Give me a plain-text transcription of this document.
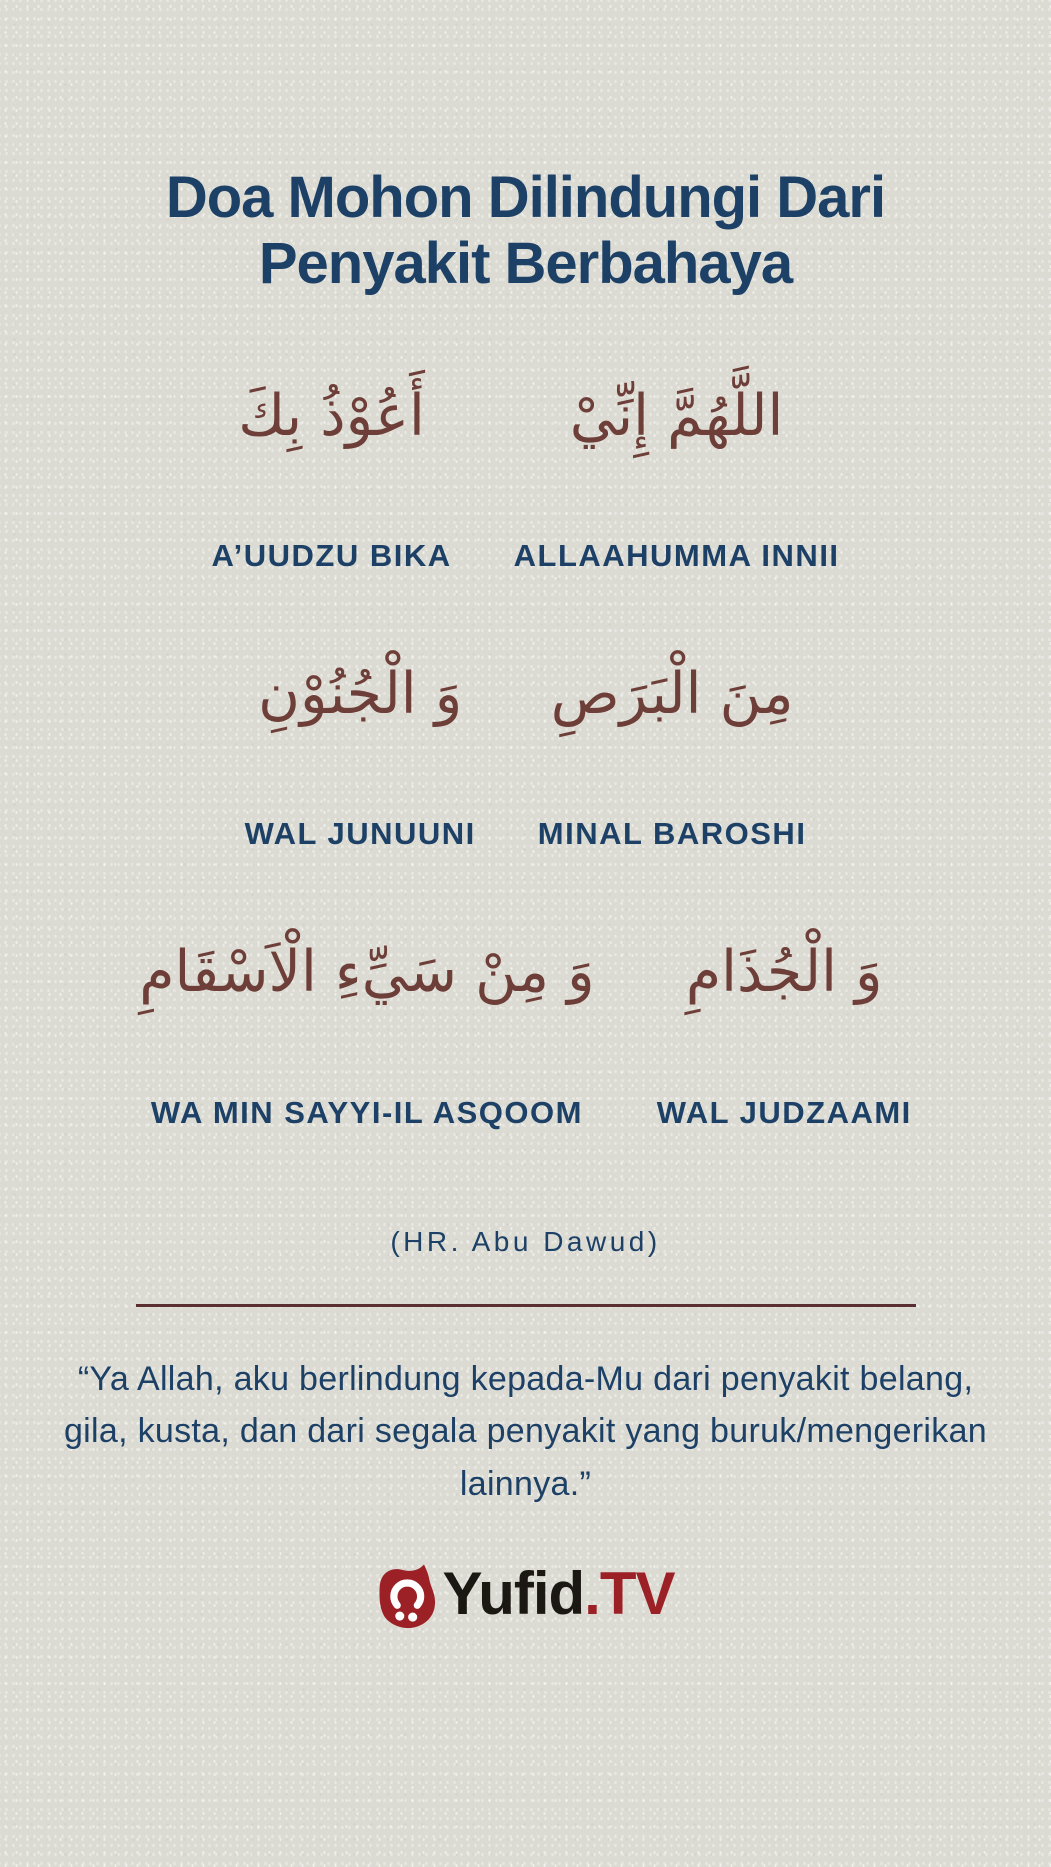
Doa Mohon Dilindungi Dari
Penyakit Berbahaya
أَعُوْذُ بِكَ
A’UUDZU BIKA
اللَّهُمَّ إِنِّيْ
ALLAAHUMMA INNII
وَ الْجُنُوْنِ
WAL JUNUUNI
مِنَ الْبَرَصِ
MINAL BAROSHI
وَ مِنْ سَيِّءِ الْاَسْقَامِ
WA MIN SAYYI-IL ASQOOM
وَ الْجُذَامِ
WAL JUDZAAMI
(HR. Abu Dawud)

“Ya Allah, aku berlindung kepada-Mu dari penyakit belang, gila, kusta, dan dari segala penyakit yang buruk/mengerikan lainnya.”

Yufid.TV
